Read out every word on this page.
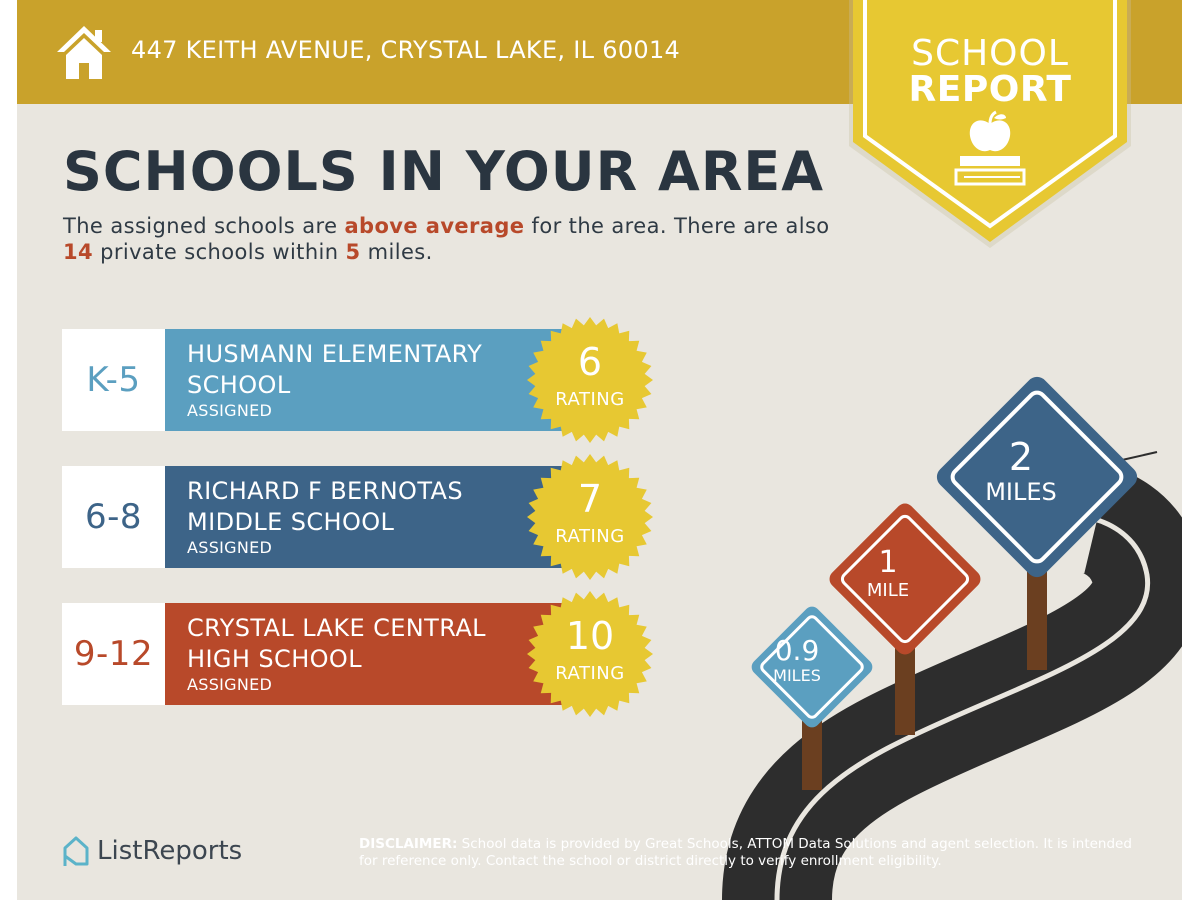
447 KEITH AVENUE, CRYSTAL LAKE, IL 60014	SCHOOL
REPORT
SCHOOLS IN YOUR AREA
The assigned schools are above average for the area. There are also 14 private schools within 5 miles.
K-5
HUSMANN ELEMENTARY SCHOOL
ASSIGNED
6
RATING
6-8
RICHARD F BERNOTAS MIDDLE SCHOOL
ASSIGNED
7
RATING
9-12
CRYSTAL LAKE CENTRAL HIGH SCHOOL
ASSIGNED
10
RATING
0.9
MILES
1
MILE
2
MILES
ListReports	DISCLAIMER: School data is provided by Great Schools, ATTOM Data Solutions and agent selection. It is intended for reference only. Contact the school or district directly to verify enrollment eligibility.
